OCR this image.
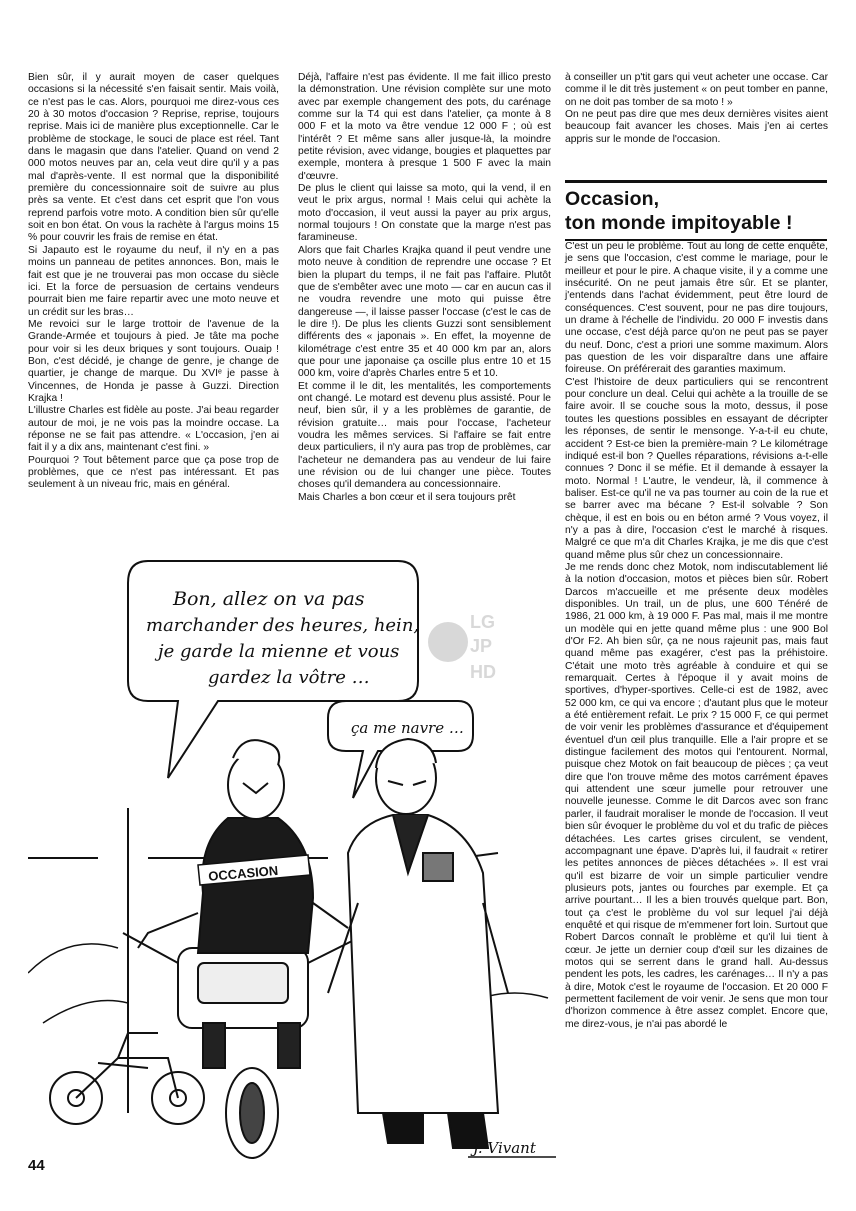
Bien sûr, il y aurait moyen de caser quelques occasions si la nécessité s'en faisait sentir. Mais voilà, ce n'est pas le cas. Alors, pourquoi me direz-vous ces 20 à 30 motos d'occasion ? Reprise, reprise, toujours reprise. Mais ici de manière plus exceptionnelle. Car le problème de stockage, le souci de place est réel. Tant dans le magasin que dans l'atelier. Quand on vend 2 000 motos neuves par an, cela veut dire qu'il y a pas mal d'après-vente. Il est normal que la disponibilité première du concessionnaire soit de suivre au plus près sa vente. Et c'est dans cet esprit que l'on vous reprend parfois votre moto. A condition bien sûr qu'elle soit en bon état. On vous la rachète à l'argus moins 15 % pour couvrir les frais de remise en état.

Si Japauto est le royaume du neuf, il n'y en a pas moins un panneau de petites annonces. Bon, mais le fait est que je ne trouverai pas mon occase du siècle ici. Et la force de persuasion de certains vendeurs pourrait bien me faire repartir avec une moto neuve et un crédit sur les bras…

Me revoici sur le large trottoir de l'avenue de la Grande-Armée et toujours à pied. Je tâte ma poche pour voir si les deux briques y sont toujours. Ouaip ! Bon, c'est décidé, je change de genre, je change de quartier, je change de marque. Du XVIᵉ je passe à Vincennes, de Honda je passe à Guzzi. Direction Krajka !

L'illustre Charles est fidèle au poste. J'ai beau regarder autour de moi, je ne vois pas la moindre occase. La réponse ne se fait pas attendre. « L'occasion, j'en ai fait il y a dix ans, maintenant c'est fini. »

Pourquoi ? Tout bêtement parce que ça pose trop de problèmes, que ce n'est pas intéressant. Et pas seulement à un niveau fric, mais en général.

Déjà, l'affaire n'est pas évidente. Il me fait illico presto la démonstration. Une révision complète sur une moto avec par exemple changement des pots, du carénage comme sur la T4 qui est dans l'atelier, ça monte à 8 000 F et la moto va être vendue 12 000 F ; où est l'intérêt ? Et même sans aller jusque-là, la moindre petite révision, avec vidange, bougies et plaquettes par exemple, montera à presque 1 500 F avec la main d'œuvre.

De plus le client qui laisse sa moto, qui la vend, il en veut le prix argus, normal ! Mais celui qui achète la moto d'occasion, il veut aussi la payer au prix argus, normal toujours ! On constate que la marge n'est pas faramineuse.

Alors que fait Charles Krajka quand il peut vendre une moto neuve à condition de reprendre une occase ? Et bien la plupart du temps, il ne fait pas l'affaire. Plutôt que de s'embêter avec une moto — car en aucun cas il ne voudra revendre une moto qui puisse être dangereuse —, il laisse passer l'occase (c'est le cas de le dire !). De plus les clients Guzzi sont sensiblement différents des « japonais ». En effet, la moyenne de kilométrage c'est entre 35 et 40 000 km par an, alors que pour une japonaise ça oscille plus entre 10 et 15 000 km, voire d'après Charles entre 5 et 10.

Et comme il le dit, les mentalités, les comportements ont changé. Le motard est devenu plus assisté. Pour le neuf, bien sûr, il y a les problèmes de garantie, de révision gratuite… mais pour l'occase, l'acheteur voudra les mêmes services. Si l'affaire se fait entre deux particuliers, il n'y aura pas trop de problèmes, car l'acheteur ne demandera pas au vendeur de lui faire une révision ou de lui changer une pièce. Toutes choses qu'il demandera au concessionnaire.

Mais Charles a bon cœur et il sera toujours prêt

à conseiller un p'tit gars qui veut acheter une occase. Car comme il le dit très justement « on peut tomber en panne, on ne doit pas tomber de sa moto ! »

On ne peut pas dire que mes deux dernières visites aient beaucoup fait avancer les choses. Mais j'en ai certes appris sur le monde de l'occasion.

Occasion,
ton monde impitoyable !

C'est un peu le problème. Tout au long de cette enquête, je sens que l'occasion, c'est comme le mariage, pour le meilleur et pour le pire. A chaque visite, il y a comme une insécurité. On ne peut jamais être sûr. Et se planter, j'entends dans l'achat évidemment, peut être lourd de conséquences. C'est souvent, pour ne pas dire toujours, un drame à l'échelle de l'individu. 20 000 F investis dans une occase, c'est déjà parce qu'on ne peut pas se payer du neuf. Donc, c'est a priori une somme maximum. Alors pas question de les voir disparaître dans une affaire foireuse. On préférerait des garanties maximum.

C'est l'histoire de deux particuliers qui se rencontrent pour conclure un deal. Celui qui achète a la trouille de se faire avoir. Il se couche sous la moto, dessus, il pose toutes les questions possibles en essayant de décripter les réponses, de sentir le mensonge. Y-a-t-il eu chute, accident ? Est-ce bien la première-main ? Le kilométrage indiqué est-il bon ? Quelles réparations, révisions a-t-elle connues ? Donc il se méfie. Et il demande à essayer la moto. Normal ! L'autre, le vendeur, là, il commence à baliser. Est-ce qu'il ne va pas tourner au coin de la rue et se barrer avec ma bécane ? Est-il solvable ? Son chèque, il est en bois ou en béton armé ? Vous voyez, il n'y a pas à dire, l'occasion c'est le marché à risques. Malgré ce que m'a dit Charles Krajka, je me dis que c'est quand même plus sûr chez un concessionnaire.

Je me rends donc chez Motok, nom indiscutablement lié à la notion d'occasion, motos et pièces bien sûr. Robert Darcos m'accueille et me présente deux modèles disponibles. Un trail, un de plus, une 600 Ténéré de 1986, 21 000 km, à 19 000 F. Pas mal, mais il me montre un modèle qui en jette quand même plus : une 900 Bol d'Or F2. Ah bien sûr, ça ne nous rajeunit pas, mais faut quand même pas exagérer, c'est pas la préhistoire. C'était une moto très agréable à conduire et qui se remarquait. Certes à l'époque il y avait moins de sportives, d'hyper-sportives. Celle-ci est de 1982, avec 52 000 km, ce qui va encore ; d'autant plus que le moteur a été entièrement refait. Le prix ? 15 000 F, ce qui permet de voir venir les problèmes d'assurance et d'équipement éventuel d'un œil plus tranquille. Elle a l'air propre et se distingue facilement des motos qui l'entourent. Normal, puisque chez Motok on fait beaucoup de pièces ; ça veut dire que l'on trouve même des motos carrément épaves qui attendent une sœur jumelle pour retrouver une nouvelle jeunesse. Comme le dit Darcos avec son franc parler, il faudrait moraliser le monde de l'occasion. Il veut bien sûr évoquer le problème du vol et du trafic de pièces détachées. Les cartes grises circulent, se vendent, accompagnant une épave. D'après lui, il faudrait « retirer les petites annonces de pièces détachées ». Il est vrai qu'il est bizarre de voir un simple particulier vendre plusieurs pots, jantes ou fourches par exemple. Et ça arrive pourtant… Il les a bien trouvés quelque part. Bon, tout ça c'est le problème du vol sur lequel j'ai déjà enquêté et qui risque de m'emmener fort loin. Surtout que Robert Darcos connaît le problème et qu'il lui tient à cœur. Je jette un dernier coup d'œil sur les dizaines de motos qui se serrent dans le grand hall. Au-dessus pendent les pots, les cadres, les carénages… Il n'y a pas à dire, Motok c'est le royaume de l'occasion. Et 20 000 F permettent facilement de voir venir. Je sens que mon tour d'horizon commence à être assez complet. Encore que, me direz-vous, je n'ai pas abordé le

Bon, allez on va pas
marchander des heures, hein,
je garde la mienne et vous
gardez la vôtre …
ça me navre …
OCCASION
J. Vivant
LG
JP
HD
44
